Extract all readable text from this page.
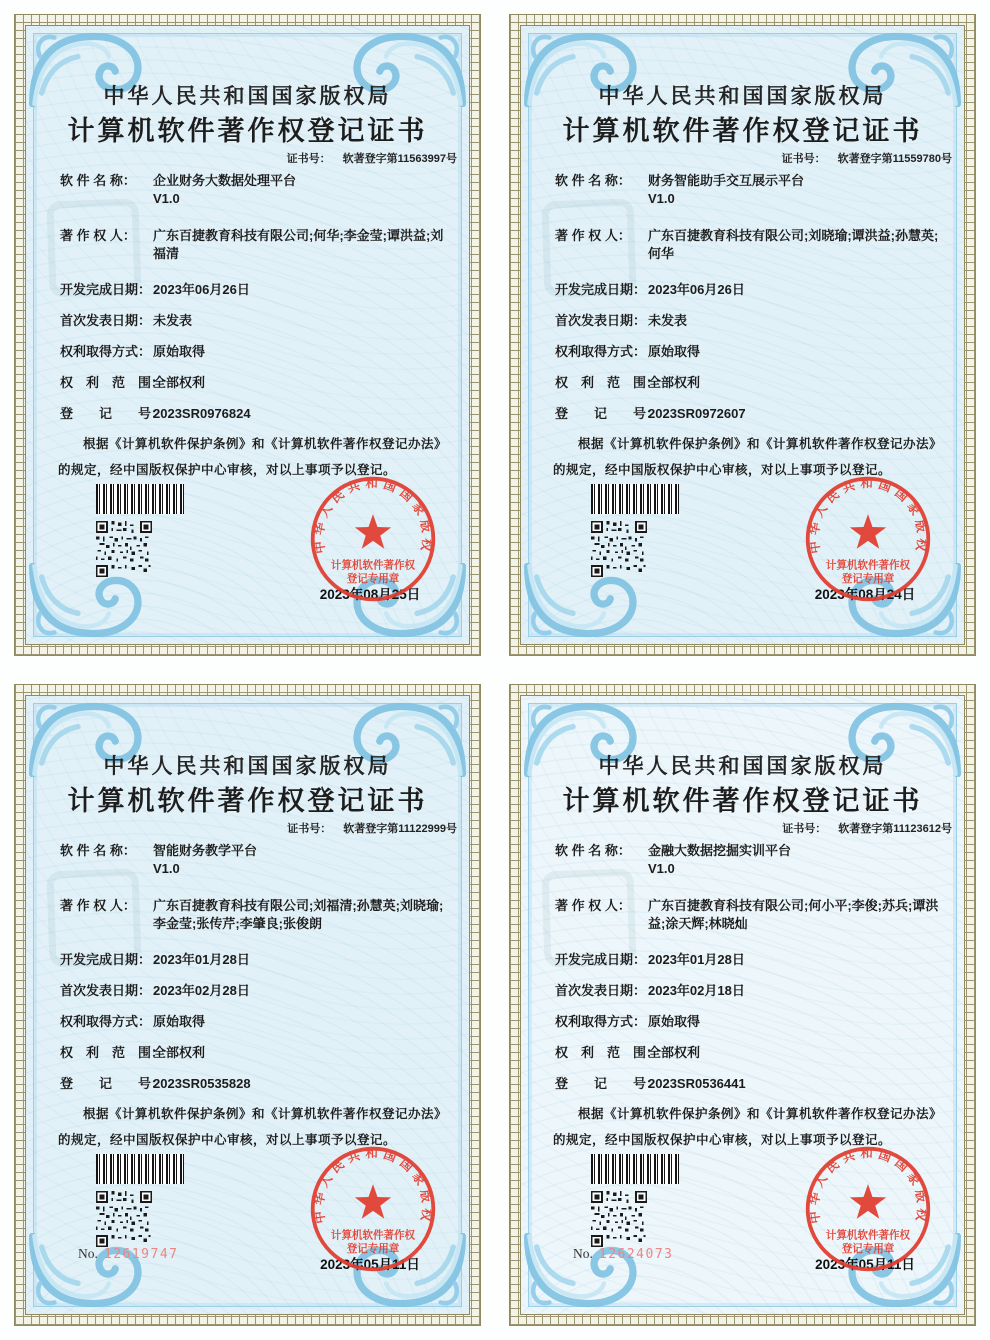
中华人民共和国国家版权局
计算机软件著作权登记证书
证书号： 软著登字第11563997号
软 件 名 称： 企业财务大数据处理平台
V1.0
著 作 权 人： 广东百捷教育科技有限公司;何华;李金莹;谭洪益;刘福清
开发完成日期： 2023年06月26日
首次发表日期： 未发表
权利取得方式： 原始取得
权　利　范　围：全部权利
登　　记　　号：2023SR0976824
根据《计算机软件保护条例》和《计算机软件著作权登记办法》的规定，经中国版权保护中心审核，对以上事项予以登记。
2023年08月25日
中华人民共和国国家版权局
计算机软件著作权登记证书
证书号： 软著登字第11559780号
软 件 名 称： 财务智能助手交互展示平台
V1.0
著 作 权 人： 广东百捷教育科技有限公司;刘晓瑜;谭洪益;孙慧英;何华
开发完成日期： 2023年06月26日
首次发表日期： 未发表
权利取得方式： 原始取得
权　利　范　围：全部权利
登　　记　　号：2023SR0972607
根据《计算机软件保护条例》和《计算机软件著作权登记办法》的规定，经中国版权保护中心审核，对以上事项予以登记。
2023年08月24日
中华人民共和国国家版权局
计算机软件著作权登记证书
证书号： 软著登字第11122999号
软 件 名 称： 智能财务教学平台
V1.0
著 作 权 人： 广东百捷教育科技有限公司;刘福清;孙慧英;刘晓瑜;李金莹;张传芹;李肇良;张俊朗
开发完成日期： 2023年01月28日
首次发表日期： 2023年02月28日
权利取得方式： 原始取得
权　利　范　围：全部权利
登　　记　　号：2023SR0535828
根据《计算机软件保护条例》和《计算机软件著作权登记办法》的规定，经中国版权保护中心审核，对以上事项予以登记。
2023年05月11日
No. 12619747
中华人民共和国国家版权局
计算机软件著作权登记证书
证书号： 软著登字第11123612号
软 件 名 称： 金融大数据挖掘实训平台
V1.0
著 作 权 人： 广东百捷教育科技有限公司;何小平;李俊;苏兵;谭洪益;涂天辉;林晓灿
开发完成日期： 2023年01月28日
首次发表日期： 2023年02月18日
权利取得方式： 原始取得
权　利　范　围：全部权利
登　　记　　号：2023SR0536441
根据《计算机软件保护条例》和《计算机软件著作权登记办法》的规定，经中国版权保护中心审核，对以上事项予以登记。
2023年05月11日
No. 12624073
